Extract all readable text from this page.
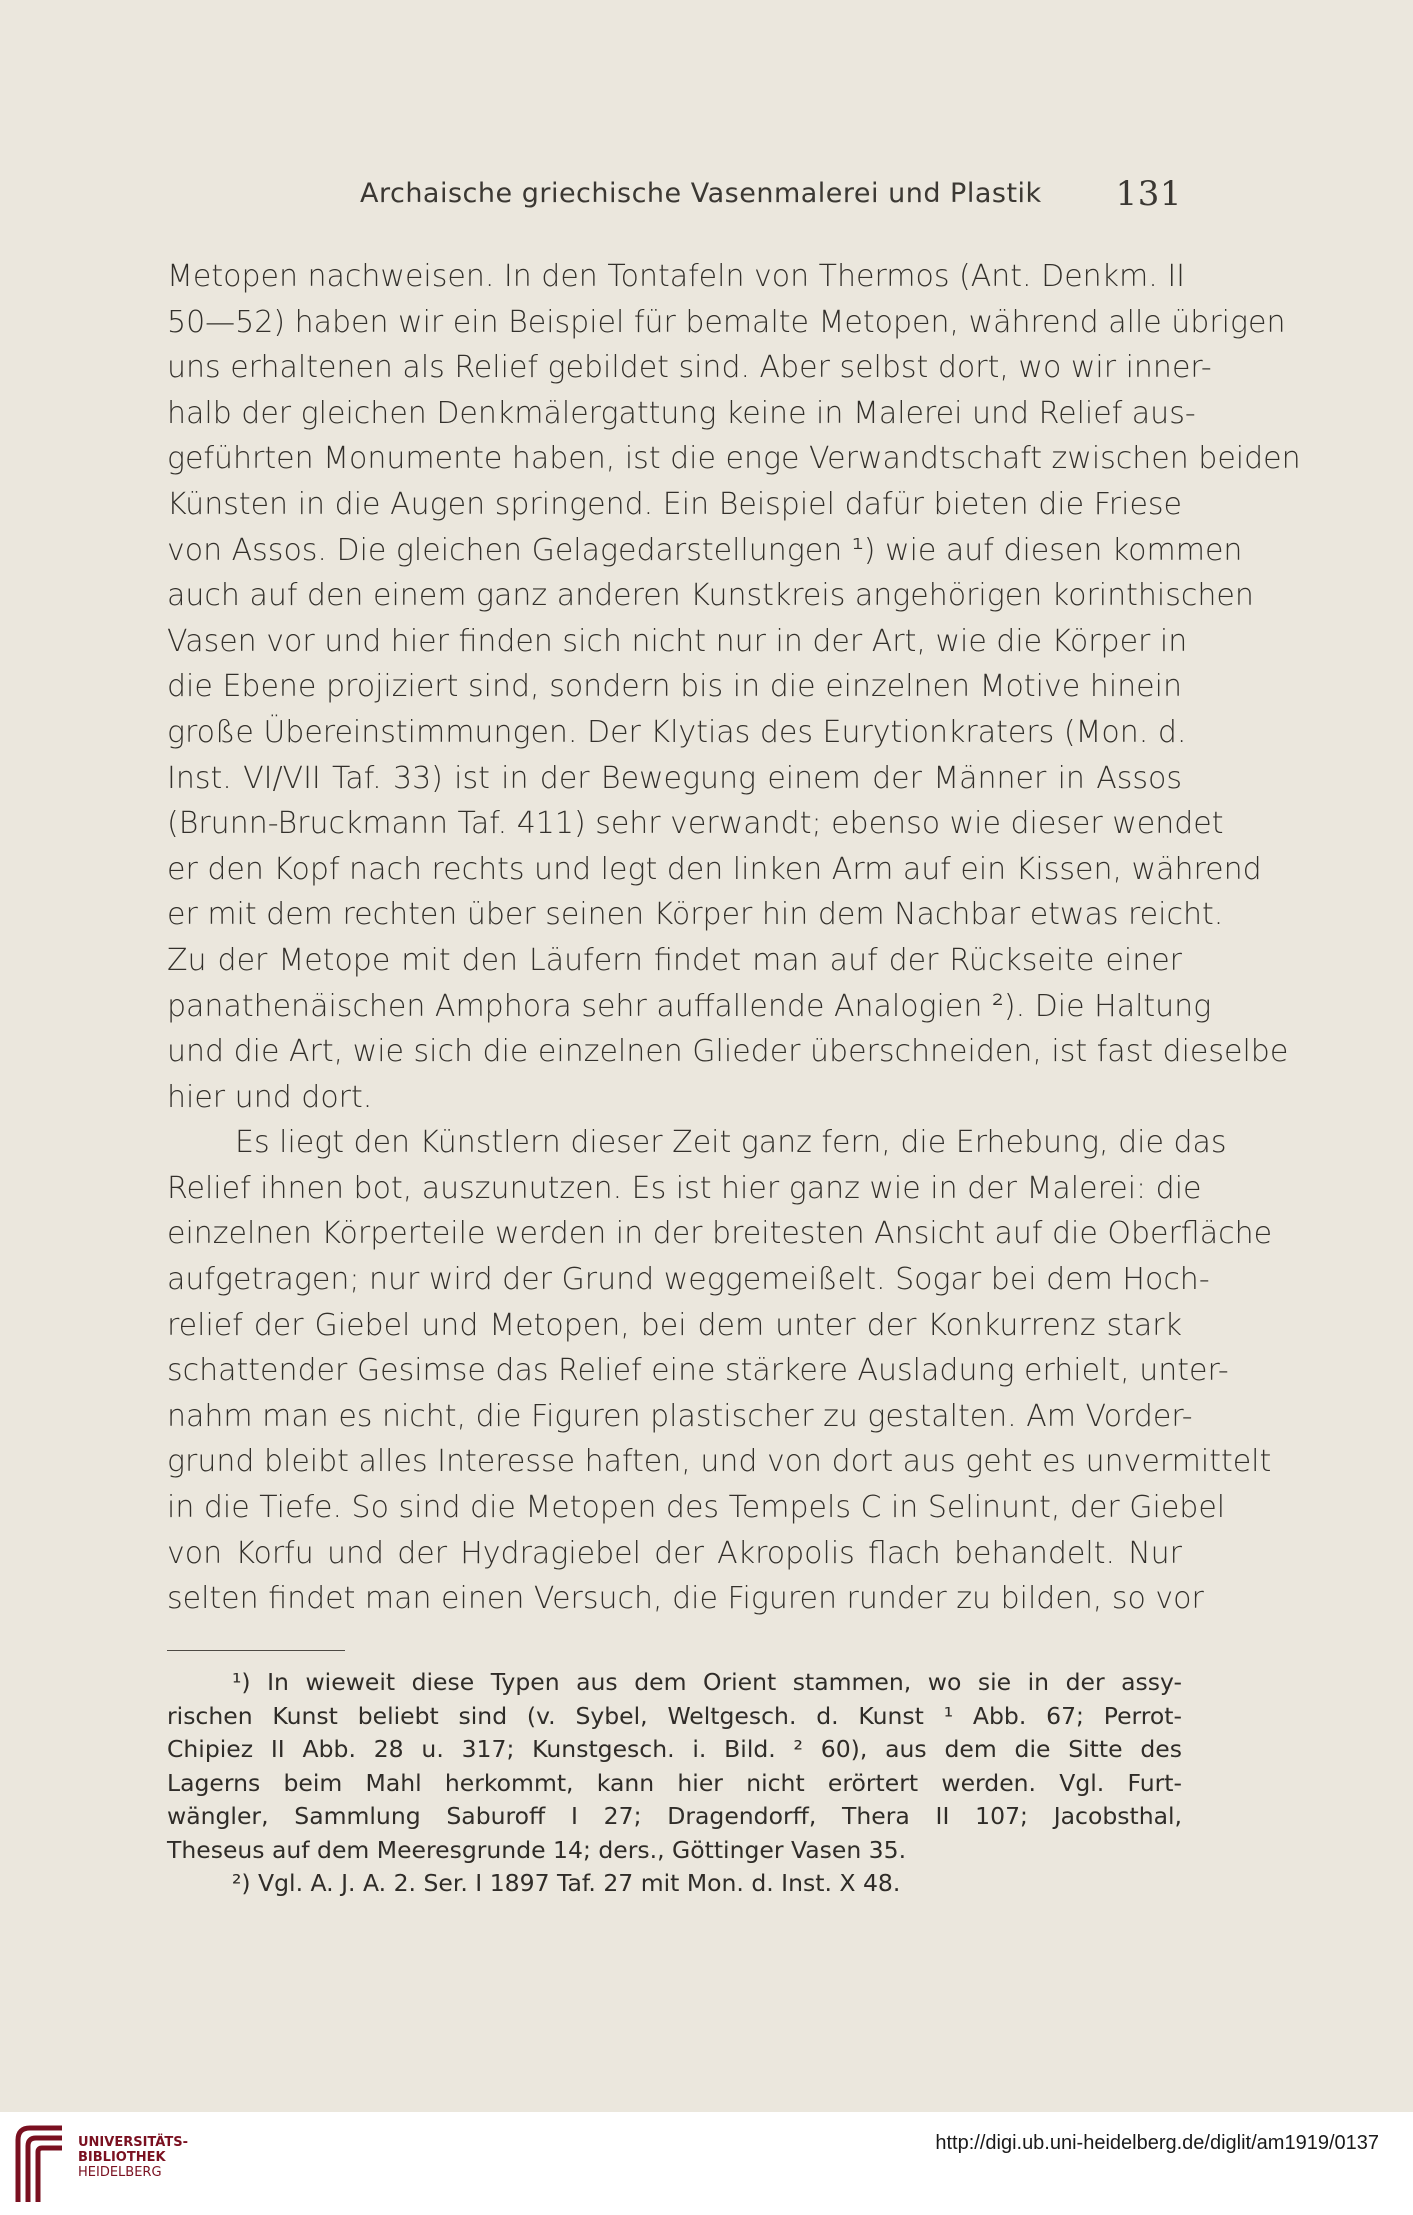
Archaische griechische Vasenmalerei und Plastik 131
Metopen nachweisen. In den Tontafeln von Thermos (Ant. Denkm. II
50—52) haben wir ein Beispiel für bemalte Metopen, während alle übrigen
uns erhaltenen als Relief gebildet sind. Aber selbst dort, wo wir inner-
halb der gleichen Denkmälergattung keine in Malerei und Relief aus-
geführten Monumente haben, ist die enge Verwandtschaft zwischen beiden
Künsten in die Augen springend. Ein Beispiel dafür bieten die Friese
von Assos. Die gleichen Gelagedarstellungen ¹) wie auf diesen kommen
auch auf den einem ganz anderen Kunstkreis angehörigen korinthischen
Vasen vor und hier finden sich nicht nur in der Art, wie die Körper in
die Ebene projiziert sind, sondern bis in die einzelnen Motive hinein
große Übereinstimmungen. Der Klytias des Eurytionkraters (Mon. d.
Inst. VI/VII Taf. 33) ist in der Bewegung einem der Männer in Assos
(Brunn-Bruckmann Taf. 411) sehr verwandt; ebenso wie dieser wendet
er den Kopf nach rechts und legt den linken Arm auf ein Kissen, während
er mit dem rechten über seinen Körper hin dem Nachbar etwas reicht.
Zu der Metope mit den Läufern findet man auf der Rückseite einer
panathenäischen Amphora sehr auffallende Analogien ²). Die Haltung
und die Art, wie sich die einzelnen Glieder überschneiden, ist fast dieselbe
hier und dort.
Es liegt den Künstlern dieser Zeit ganz fern, die Erhebung, die das
Relief ihnen bot, auszunutzen. Es ist hier ganz wie in der Malerei: die
einzelnen Körperteile werden in der breitesten Ansicht auf die Oberfläche
aufgetragen; nur wird der Grund weggemeißelt. Sogar bei dem Hoch-
relief der Giebel und Metopen, bei dem unter der Konkurrenz stark
schattender Gesimse das Relief eine stärkere Ausladung erhielt, unter-
nahm man es nicht, die Figuren plastischer zu gestalten. Am Vorder-
grund bleibt alles Interesse haften, und von dort aus geht es unvermittelt
in die Tiefe. So sind die Metopen des Tempels C in Selinunt, der Giebel
von Korfu und der Hydragiebel der Akropolis flach behandelt. Nur
selten findet man einen Versuch, die Figuren runder zu bilden, so vor
¹) In wieweit diese Typen aus dem Orient stammen, wo sie in der assy-
rischen Kunst beliebt sind (v. Sybel, Weltgesch. d. Kunst ¹ Abb. 67; Perrot-
Chipiez II Abb. 28 u. 317; Kunstgesch. i. Bild. ² 60), aus dem die Sitte des
Lagerns beim Mahl herkommt, kann hier nicht erörtert werden. Vgl. Furt-
wängler, Sammlung Saburoff I 27; Dragendorff, Thera II 107; Jacobsthal,
Theseus auf dem Meeresgrunde 14; ders., Göttinger Vasen 35.
²) Vgl. A. J. A. 2. Ser. I 1897 Taf. 27 mit Mon. d. Inst. X 48.
UNIVERSITÄTS-
BIBLIOTHEK
HEIDELBERG
http://digi.ub.uni-heidelberg.de/diglit/am1919/0137
